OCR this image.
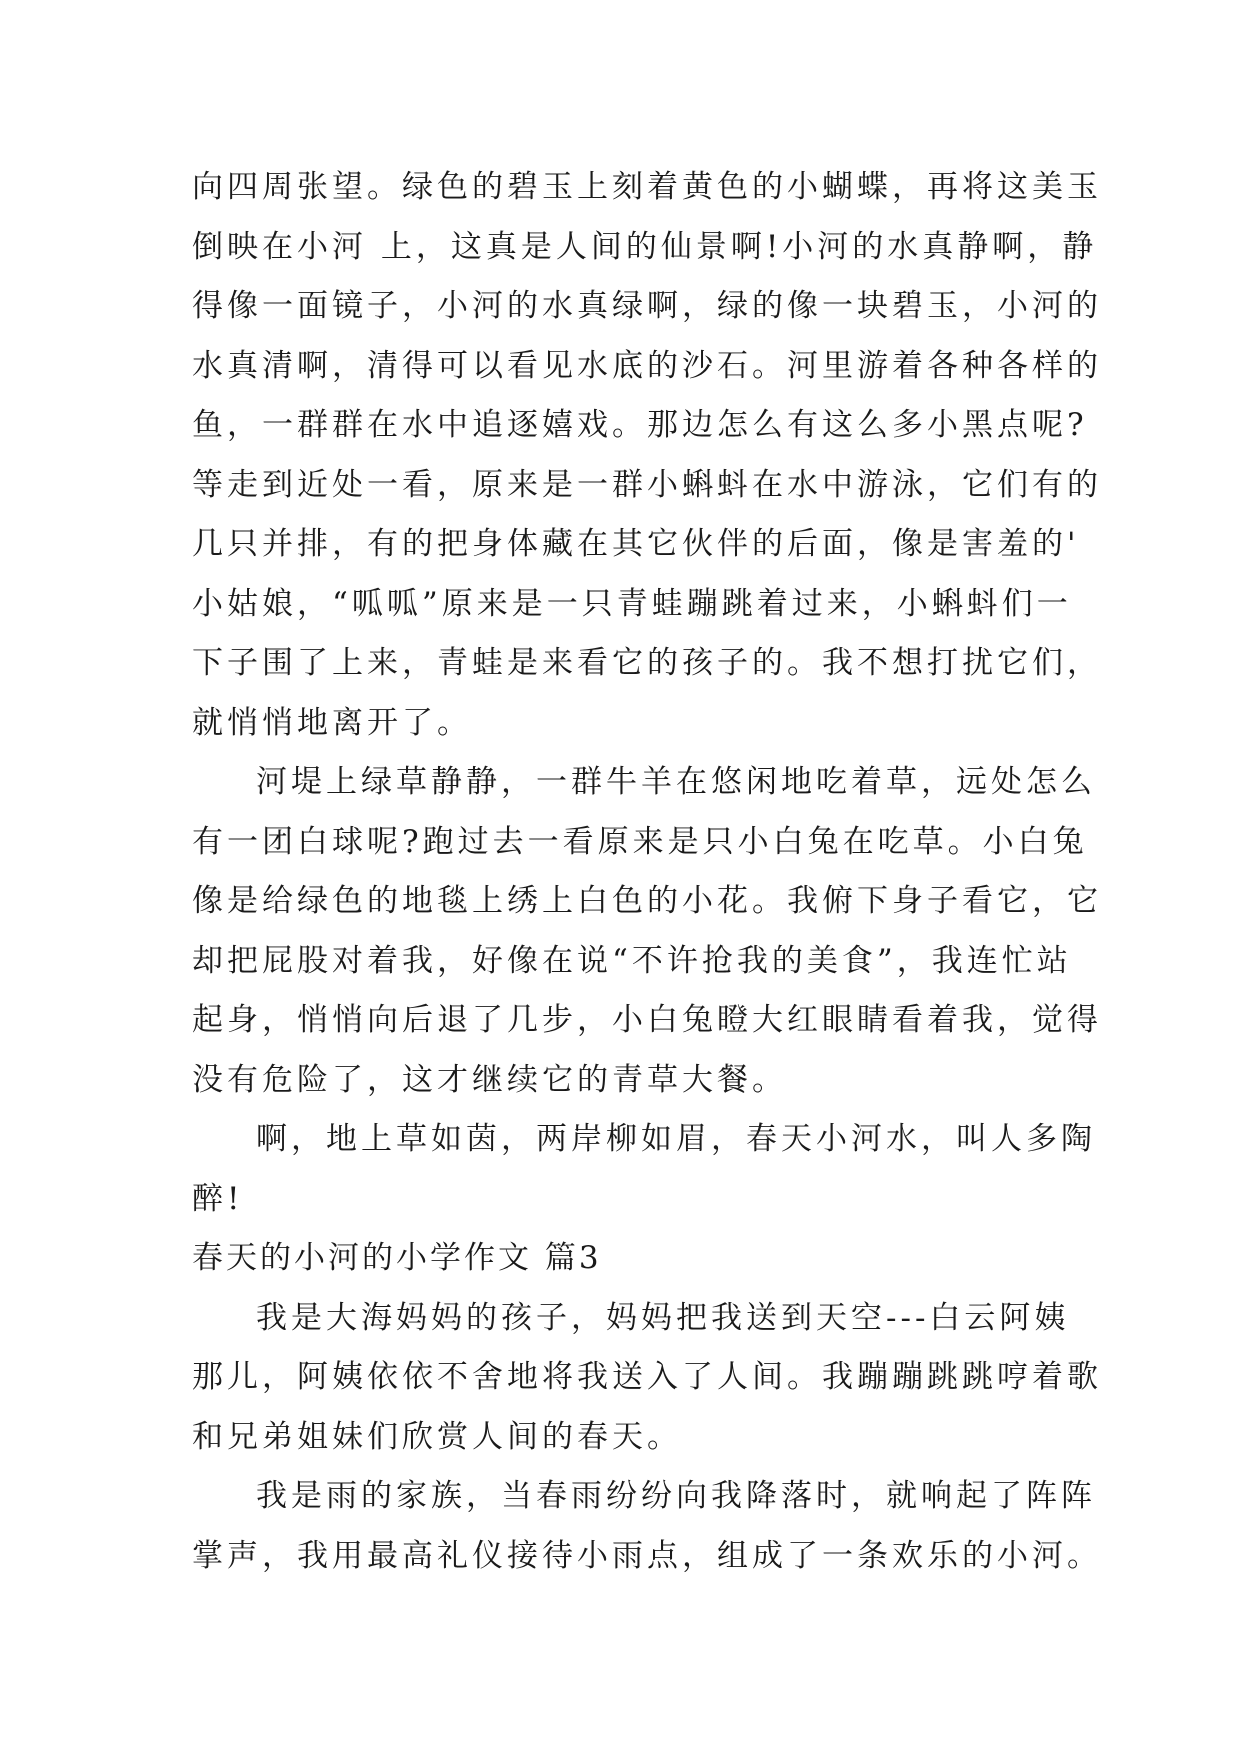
向四周张望。绿色的碧玉上刻着黄色的小蝴蝶，再将这美玉
倒映在小河 上，这真是人间的仙景啊!小河的水真静啊，静
得像一面镜子，小河的水真绿啊，绿的像一块碧玉，小河的
水真清啊，清得可以看见水底的沙石。河里游着各种各样的
鱼，一群群在水中追逐嬉戏。那边怎么有这么多小黑点呢?
等走到近处一看，原来是一群小蝌蚪在水中游泳，它们有的
几只并排，有的把身体藏在其它伙伴的后面，像是害羞的'
小姑娘，“呱呱”原来是一只青蛙蹦跳着过来，小蝌蚪们一
下子围了上来，青蛙是来看它的孩子的。我不想打扰它们，
就悄悄地离开了。
河堤上绿草静静，一群牛羊在悠闲地吃着草，远处怎么
有一团白球呢?跑过去一看原来是只小白兔在吃草。小白兔
像是给绿色的地毯上绣上白色的小花。我俯下身子看它，它
却把屁股对着我，好像在说“不许抢我的美食”，我连忙站
起身，悄悄向后退了几步，小白兔瞪大红眼睛看着我，觉得
没有危险了，这才继续它的青草大餐。
啊，地上草如茵，两岸柳如眉，春天小河水，叫人多陶
醉!
春天的小河的小学作文 篇3
我是大海妈妈的孩子，妈妈把我送到天空---白云阿姨
那儿，阿姨依依不舍地将我送入了人间。我蹦蹦跳跳哼着歌
和兄弟姐妹们欣赏人间的春天。
我是雨的家族，当春雨纷纷向我降落时，就响起了阵阵
掌声，我用最高礼仪接待小雨点，组成了一条欢乐的小河。
